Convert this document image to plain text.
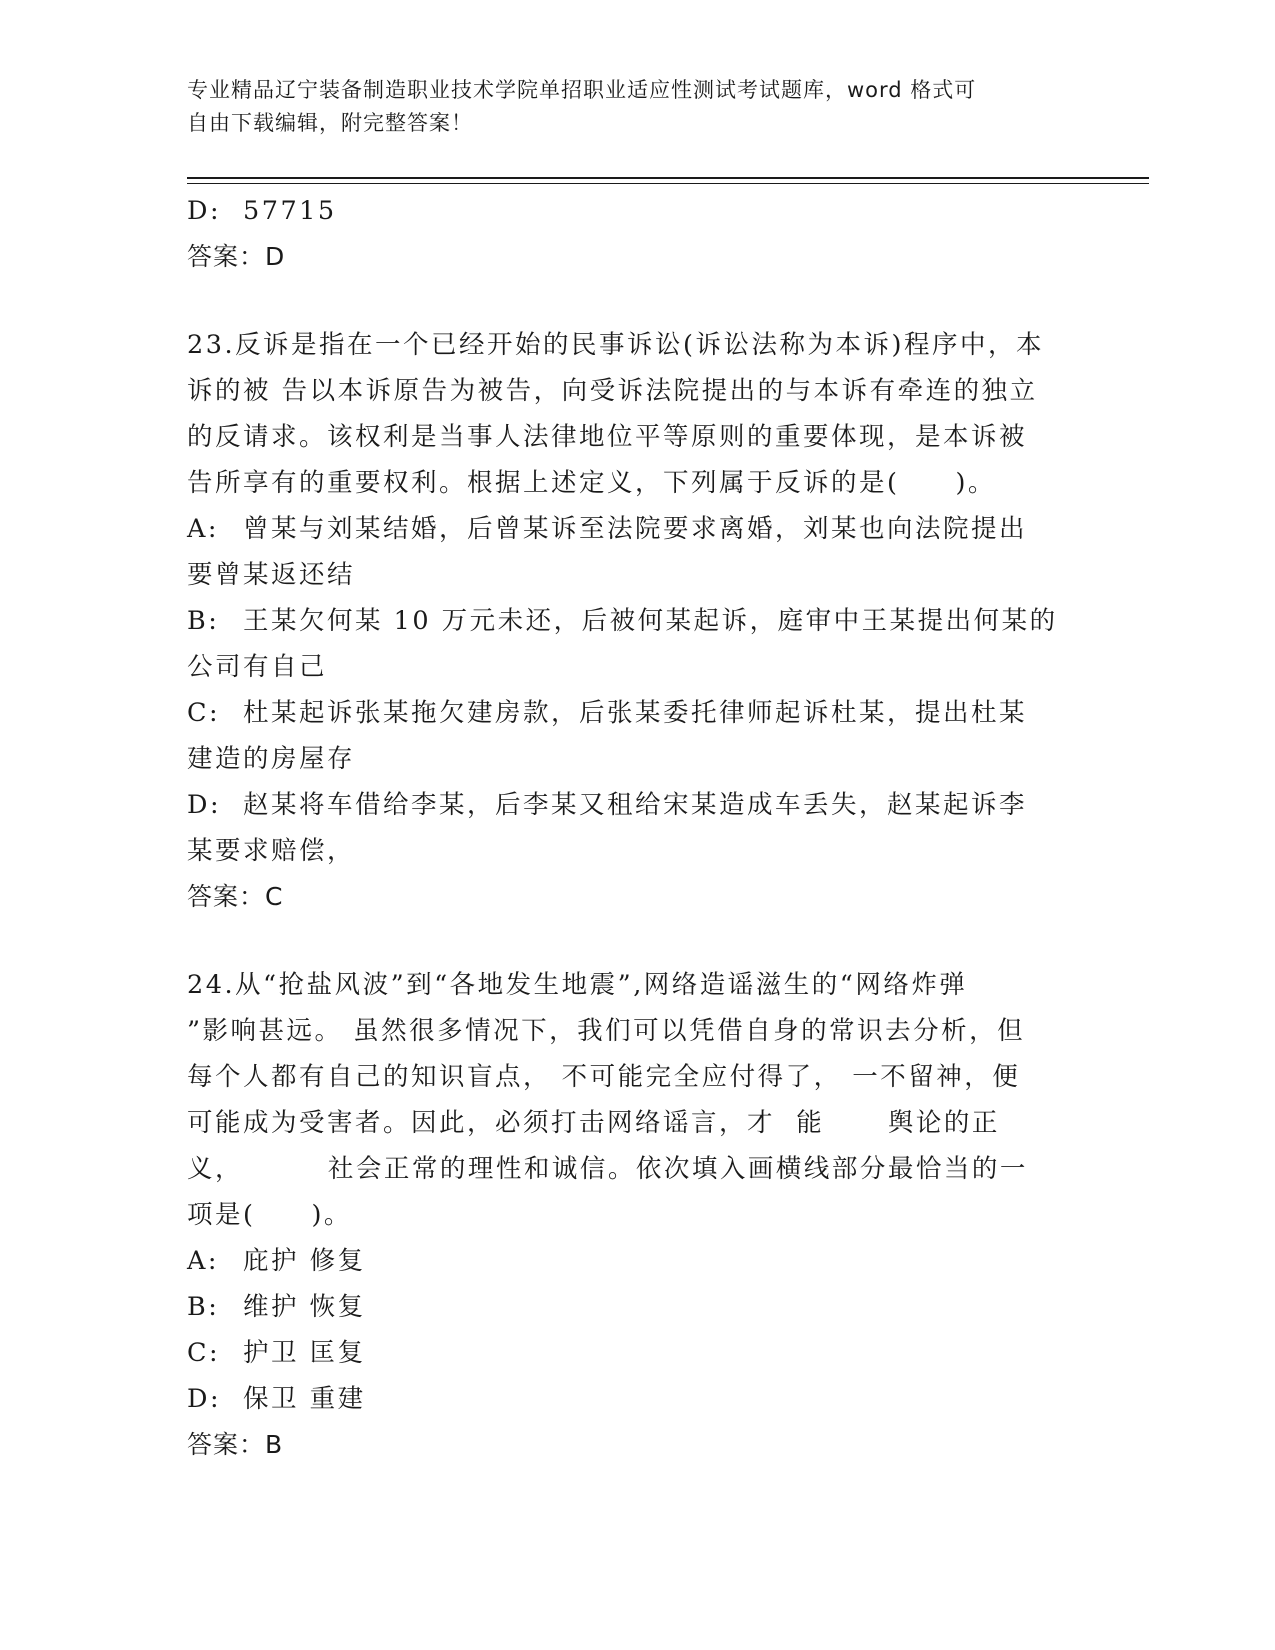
专业精品辽宁装备制造职业技术学院单招职业适应性测试考试题库，word 格式可
自由下载编辑，附完整答案！
D: 57715
答案：D
23.反诉是指在一个已经开始的民事诉讼(诉讼法称为本诉)程序中，本
诉的被 告以本诉原告为被告，向受诉法院提出的与本诉有牵连的独立
的反请求。该权利是当事人法律地位平等原则的重要体现，是本诉被
告所享有的重要权利。根据上述定义，下列属于反诉的是(　　)。
A: 曾某与刘某结婚，后曾某诉至法院要求离婚，刘某也向法院提出
要曾某返还结
B: 王某欠何某 10 万元未还，后被何某起诉，庭审中王某提出何某的
公司有自己
C: 杜某起诉张某拖欠建房款，后张某委托律师起诉杜某，提出杜某
建造的房屋存
D: 赵某将车借给李某，后李某又租给宋某造成车丢失，赵某起诉李
某要求赔偿，
答案：C
24.从“抢盐风波”到“各地发生地震”,网络造谣滋生的“网络炸弹
”影响甚远。 虽然很多情况下，我们可以凭借自身的常识去分析，但
每个人都有自己的知识盲点， 不可能完全应付得了， 一不留神，便
可能成为受害者。因此，必须打击网络谣言，才  能      舆论的正
义，        社会正常的理性和诚信。依次填入画横线部分最恰当的一
项是(　　)。
A: 庇护 修复
B: 维护 恢复
C: 护卫 匡复
D: 保卫 重建
答案：B
